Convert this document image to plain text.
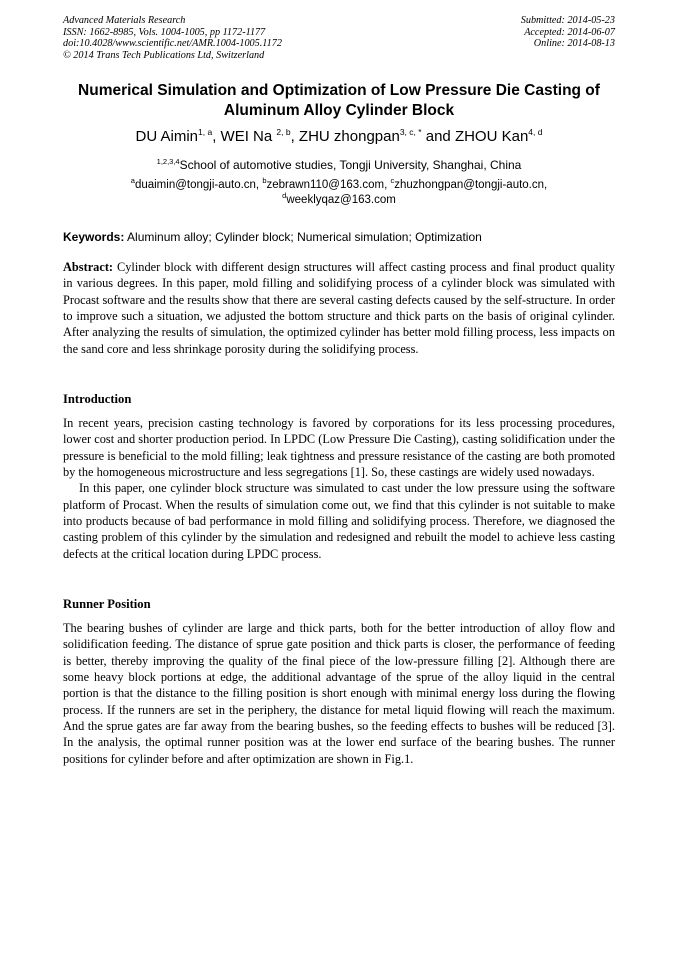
Advanced Materials Research
ISSN: 1662-8985, Vols. 1004-1005, pp 1172-1177
doi:10.4028/www.scientific.net/AMR.1004-1005.1172
© 2014 Trans Tech Publications Ltd, Switzerland
Submitted: 2014-05-23
Accepted: 2014-06-07
Online: 2014-08-13
Numerical Simulation and Optimization of Low Pressure Die Casting of
Aluminum Alloy Cylinder Block
DU Aimin$^{1, a}$, WEI Na $^{2, b}$, ZHU zhongpan$^{3, c, *}$ and ZHOU Kan$^{4, d}$
$^{1,2,3,4}$School of automotive studies, Tongji University, Shanghai, China
$^a$duaimin@tongji-auto.cn, $^b$zebrawn110@163.com, $^c$zhuzhongpan@tongji-auto.cn,
$^d$weeklyqaz@163.com
Keywords: Aluminum alloy; Cylinder block; Numerical simulation; Optimization

Abstract: Cylinder block with different design structures will affect casting process and final product quality in various degrees. In this paper, mold filling and solidifying process of a cylinder block was simulated with Procast software and the results show that there are several casting defects caused by the self-structure. In order to improve such a situation, we adjusted the bottom structure and thick parts on the basis of original cylinder. After analyzing the results of simulation, the optimized cylinder has better mold filling process, less impacts on the sand core and less shrinkage porosity during the solidifying process.

Introduction

In recent years, precision casting technology is favored by corporations for its less processing procedures, lower cost and shorter production period. In LPDC (Low Pressure Die Casting), casting solidification under the pressure is beneficial to the mold filling; leak tightness and pressure resistance of the casting are both promoted by the homogeneous microstructure and less segregations [1]. So, these castings are widely used nowadays.

In this paper, one cylinder block structure was simulated to cast under the low pressure using the software platform of Procast. When the results of simulation come out, we find that this cylinder is not suitable to make into products because of bad performance in mold filling and solidifying process. Therefore, we diagnosed the casting problem of this cylinder by the simulation and redesigned and rebuilt the model to achieve less casting defects at the critical location during LPDC process.

Runner Position

The bearing bushes of cylinder are large and thick parts, both for the better introduction of alloy flow and solidification feeding. The distance of sprue gate position and thick parts is closer, the performance of feeding is better, thereby improving the quality of the final piece of the low-pressure filling [2]. Although there are some heavy block portions at edge, the additional advantage of the sprue of the alloy liquid in the central portion is that the distance to the filling position is short enough with minimal energy loss during the flowing process. If the runners are set in the periphery, the distance for metal liquid flowing will reach the maximum. And the sprue gates are far away from the bearing bushes, so the feeding effects to bushes will be reduced [3]. In the analysis, the optimal runner position was at the lower end surface of the bearing bushes. The runner positions for cylinder before and after optimization are shown in Fig.1.
